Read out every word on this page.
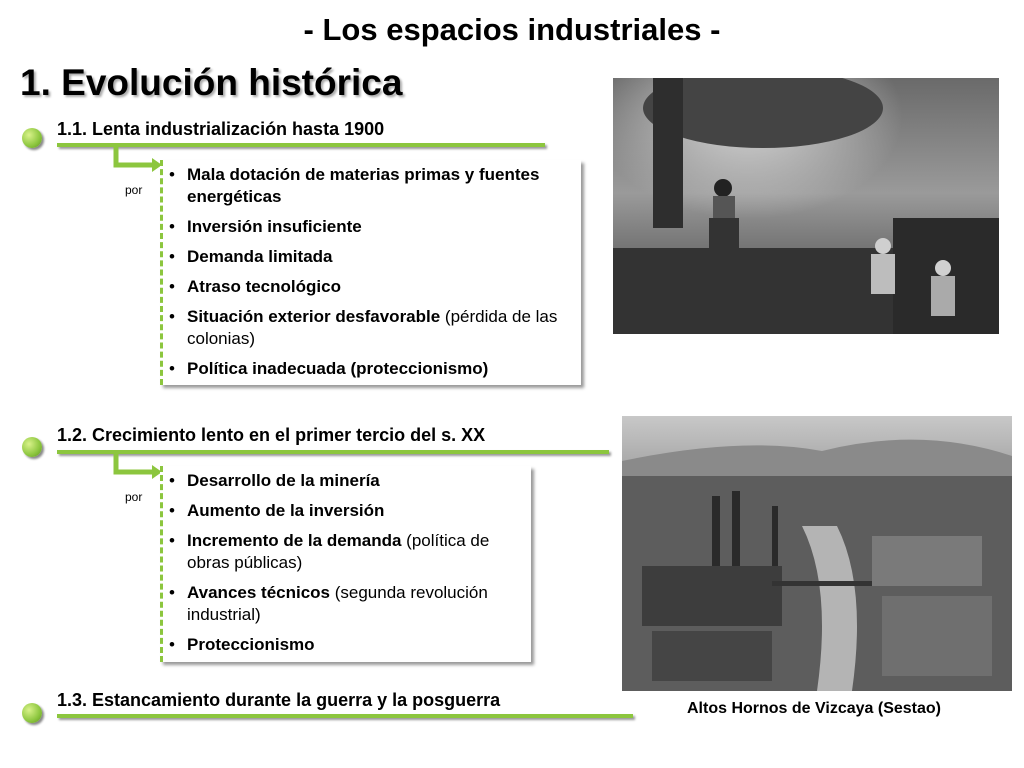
- Los espacios industriales -
1. Evolución histórica
1.1. Lenta industrialización hasta 1900
por
• Mala dotación de materias primas y fuentes energéticas
• Inversión insuficiente
• Demanda limitada
• Atraso tecnológico
• Situación exterior desfavorable (pérdida de las colonias)
• Política inadecuada (proteccionismo)
1.2. Crecimiento lento en el primer tercio del s. XX
por
• Desarrollo de la minería
• Aumento de la inversión
• Incremento de la demanda (política de obras públicas)
• Avances técnicos (segunda revolución industrial)
• Proteccionismo
1.3. Estancamiento durante la guerra y la posguerra	Altos Hornos de Vizcaya (Sestao)
